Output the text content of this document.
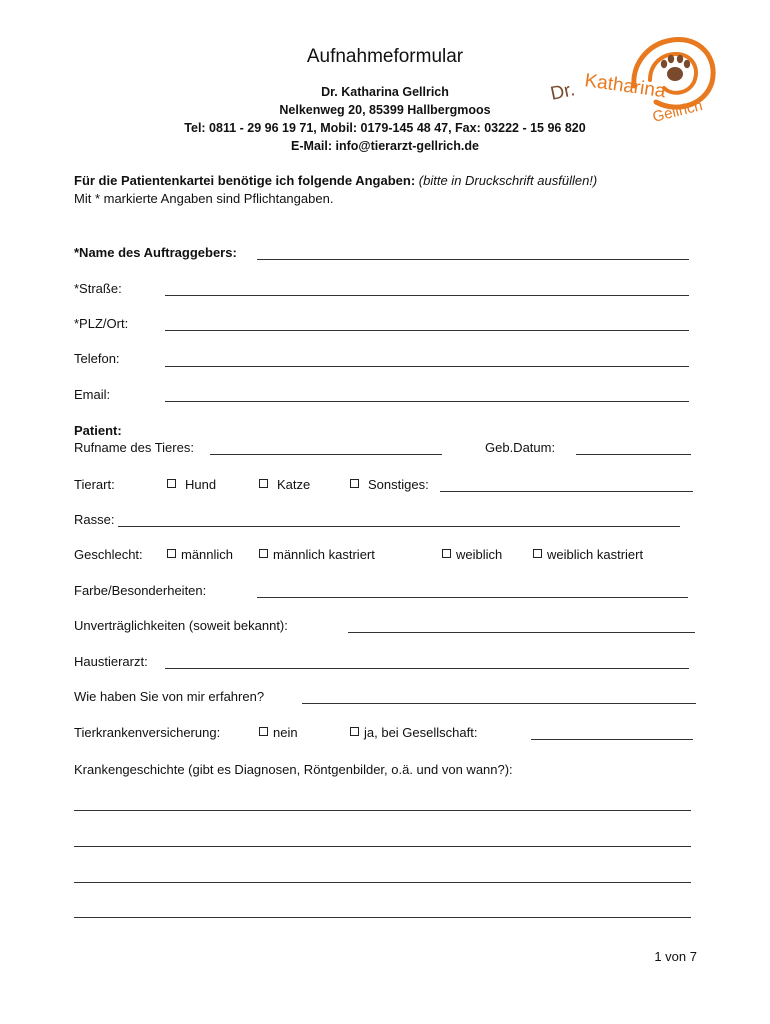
Aufnahmeformular
Dr. Katharina Gellrich
Nelkenweg 20, 85399 Hallbergmoos
Tel: 0811 - 29 96 19 71, Mobil: 0179-145 48 47, Fax: 03222 - 15 96 820
E-Mail: info@tierarzt-gellrich.de
Dr. Katharina
Gellrich
Für die Patientenkartei benötige ich folgende Angaben: (bitte in Druckschrift ausfüllen!)
Mit * markierte Angaben sind Pflichtangaben.
*Name des Auftraggebers:
*Straße:
*PLZ/Ort:
Telefon:
Email:
Patient:
Rufname des Tieres:	Geb.Datum:
Tierart:	Hund	Katze	Sonstiges:
Rasse:
Geschlecht:	männlich	männlich kastriert	weiblich	weiblich kastriert
Farbe/Besonderheiten:
Unverträglichkeiten (soweit bekannt):
Haustierarzt:
Wie haben Sie von mir erfahren?
Tierkrankenversicherung:	nein	ja, bei Gesellschaft:
Krankengeschichte (gibt es Diagnosen, Röntgenbilder, o.ä. und von wann?):
1 von 7
